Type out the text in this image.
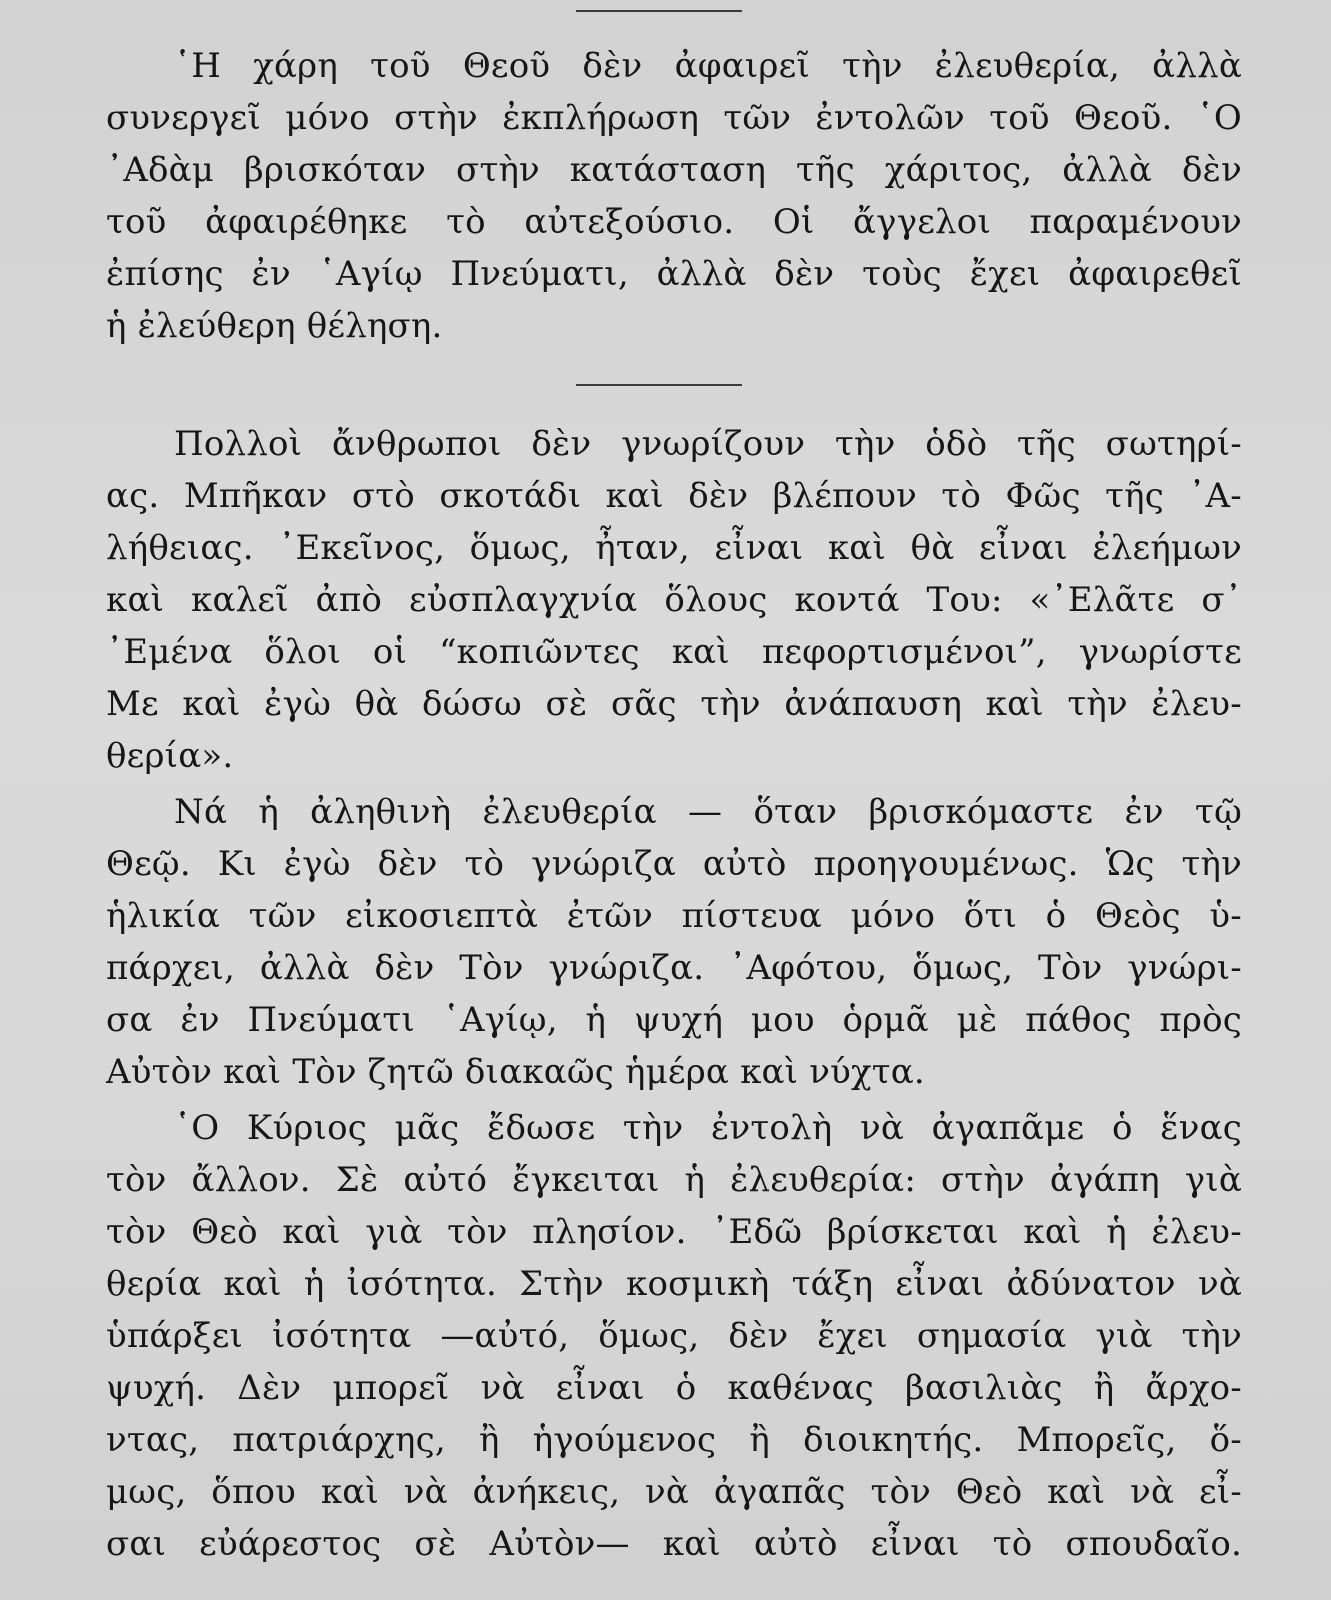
῾Η χάρη τοῦ Θεοῦ δὲν ἀφαιρεῖ τὴν ἐλευθερία, ἀλλὰ
συνεργεῖ μόνο στὴν ἐκπλήρωση τῶν ἐντολῶν τοῦ Θεοῦ. ῾Ο
᾿Αδὰμ βρισκόταν στὴν κατάσταση τῆς χάριτος, ἀλλὰ δὲν
τοῦ ἀφαιρέθηκε τὸ αὐτεξούσιο. Οἱ ἄγγελοι παραμένουν
ἐπίσης ἐν ῾Αγίῳ Πνεύματι, ἀλλὰ δὲν τοὺς ἔχει ἀφαιρεθεῖ
ἡ ἐλεύθερη θέληση.
Πολλοὶ ἄνθρωποι δὲν γνωρίζουν τὴν ὁδὸ τῆς σωτηρί-
ας. Μπῆκαν στὸ σκοτάδι καὶ δὲν βλέπουν τὸ Φῶς τῆς ᾿Α-
λήθειας. ᾿Εκεῖνος, ὅμως, ἦταν, εἶναι καὶ θὰ εἶναι ἐλεήμων
καὶ καλεῖ ἀπὸ εὐσπλαγχνία ὅλους κοντά Του: «᾿Ελᾶτε σ᾿
᾿Εμένα ὅλοι οἱ “κοπιῶντες καὶ πεφορτισμένοι”, γνωρίστε
Με καὶ ἐγὼ θὰ δώσω σὲ σᾶς τὴν ἀνάπαυση καὶ τὴν ἐλευ-
θερία».
Νά ἡ ἀληθινὴ ἐλευθερία — ὅταν βρισκόμαστε ἐν τῷ
Θεῷ. Κι ἐγὼ δὲν τὸ γνώριζα αὐτὸ προηγουμένως. Ὡς τὴν
ἡλικία τῶν εἰκοσιεπτὰ ἐτῶν πίστευα μόνο ὅτι ὁ Θεὸς ὑ-
πάρχει, ἀλλὰ δὲν Τὸν γνώριζα. ᾿Αφότου, ὅμως, Τὸν γνώρι-
σα ἐν Πνεύματι ῾Αγίῳ, ἡ ψυχή μου ὁρμᾶ μὲ πάθος πρὸς
Αὐτὸν καὶ Τὸν ζητῶ διακαῶς ἡμέρα καὶ νύχτα.
῾Ο Κύριος μᾶς ἔδωσε τὴν ἐντολὴ νὰ ἀγαπᾶμε ὁ ἕνας
τὸν ἄλλον. Σὲ αὐτό ἔγκειται ἡ ἐλευθερία: στὴν ἀγάπη γιὰ
τὸν Θεὸ καὶ γιὰ τὸν πλησίον. ᾿Εδῶ βρίσκεται καὶ ἡ ἐλευ-
θερία καὶ ἡ ἰσότητα. Στὴν κοσμικὴ τάξη εἶναι ἀδύνατον νὰ
ὑπάρξει ἰσότητα —αὐτό, ὅμως, δὲν ἔχει σημασία γιὰ τὴν
ψυχή. Δὲν μπορεῖ νὰ εἶναι ὁ καθένας βασιλιὰς ἢ ἄρχο-
ντας, πατριάρχης, ἢ ἡγούμενος ἢ διοικητής. Μπορεῖς, ὅ-
μως, ὅπου καὶ νὰ ἀνήκεις, νὰ ἀγαπᾶς τὸν Θεὸ καὶ νὰ εἶ-
σαι εὐάρεστος σὲ Αὐτὸν— καὶ αὐτὸ εἶναι τὸ σπουδαῖο.
